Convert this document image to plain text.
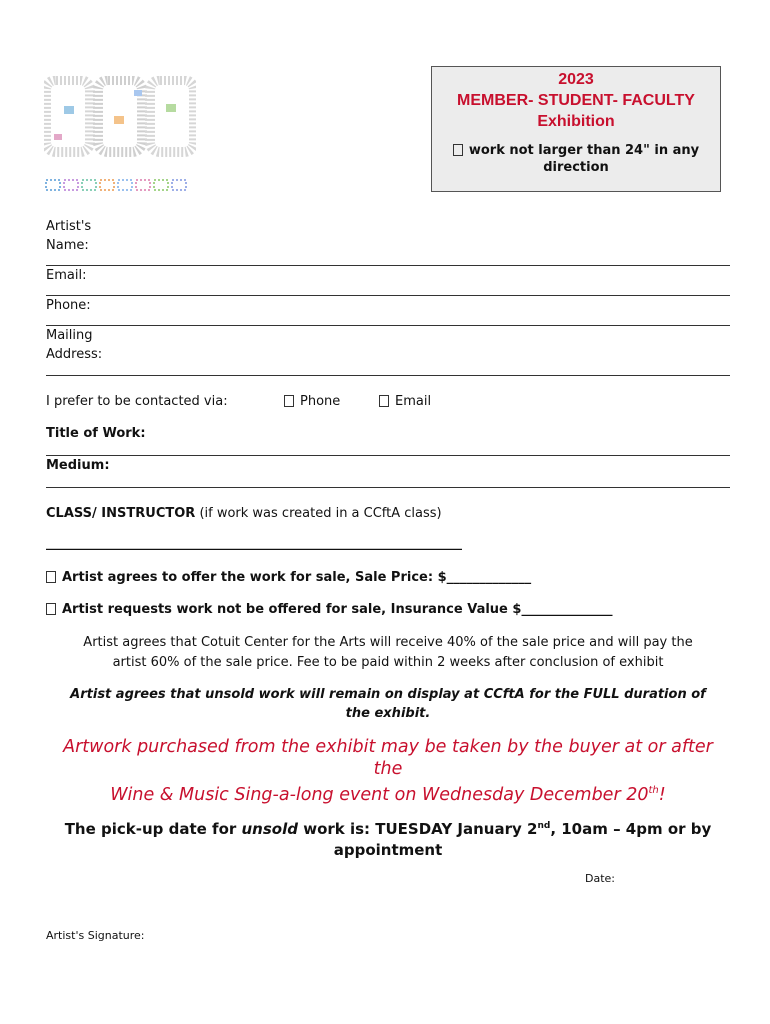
2023
MEMBER- STUDENT- FACULTY
Exhibition
work not larger than 24" in any direction
Artist's
Name:
Email:
Phone:
Mailing
Address:
I prefer to be contacted via:	Phone	Email
Title of Work:
Medium:
CLASS/ INSTRUCTOR (if work was created in a CCftA class)
________________________________________________________________
Artist agrees to offer the work for sale, Sale Price: $_____________
Artist requests work not be offered for sale, Insurance Value $______________
Artist agrees that Cotuit Center for the Arts will receive 40% of the sale price and will pay the
artist 60% of the sale price. Fee to be paid within 2 weeks after conclusion of exhibit
Artist agrees that unsold work will remain on display at CCftA for the FULL duration of
the exhibit.
Artwork purchased from the exhibit may be taken by the buyer at or after
the
Wine & Music Sing-a-long event on Wednesday December 20th!
The pick-up date for unsold work is: TUESDAY January 2nd, 10am – 4pm or by
appointment
Date:
Artist's Signature:
